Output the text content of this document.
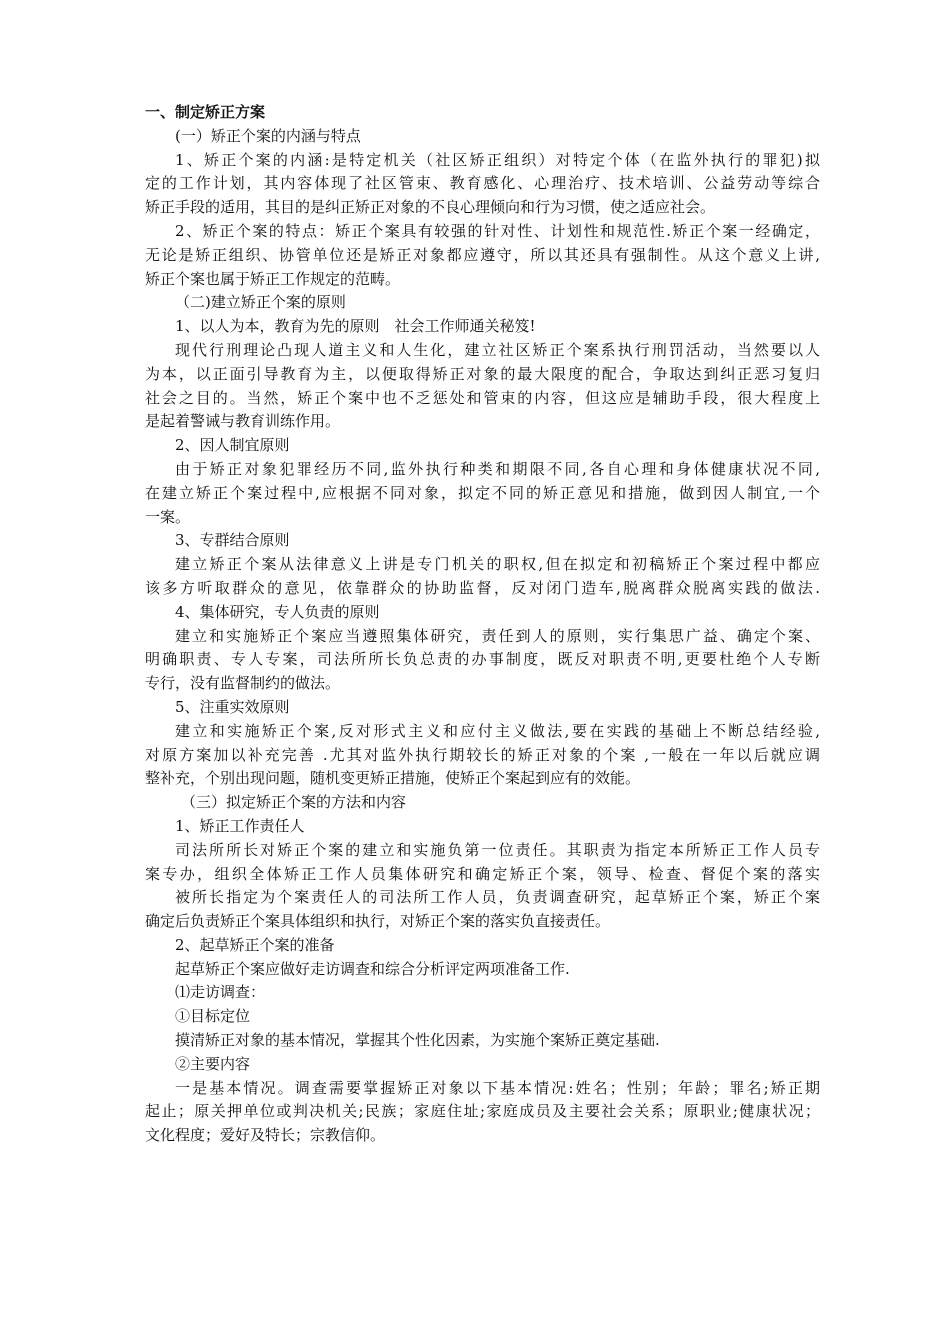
一、制定矫正方案
(一）矫正个案的内涵与特点
1、矫正个案的内涵:是特定机关（社区矫正组织）对特定个体（在监外执行的罪犯)拟
定的工作计划，其内容体现了社区管束、教育感化、心理治疗、技术培训、公益劳动等综合
矫正手段的适用，其目的是纠正矫正对象的不良心理倾向和行为习惯，使之适应社会。
2、矫正个案的特点：矫正个案具有较强的针对性、计划性和规范性.矫正个案一经确定，
无论是矫正组织、协管单位还是矫正对象都应遵守，所以其还具有强制性。从这个意义上讲,
矫正个案也属于矫正工作规定的范畴。
（二)建立矫正个案的原则
1、以人为本，教育为先的原则　社会工作师通关秘笈!
现代行刑理论凸现人道主义和人生化，建立社区矫正个案系执行刑罚活动，当然要以人
为本，以正面引导教育为主，以便取得矫正对象的最大限度的配合，争取达到纠正恶习复归
社会之目的。当然，矫正个案中也不乏惩处和管束的内容，但这应是辅助手段，很大程度上
是起着警诫与教育训练作用。
2、因人制宜原则
由于矫正对象犯罪经历不同,监外执行种类和期限不同,各自心理和身体健康状况不同,
在建立矫正个案过程中,应根据不同对象，拟定不同的矫正意见和措施，做到因人制宜,一个
一案。
3、专群结合原则
建立矫正个案从法律意义上讲是专门机关的职权,但在拟定和初稿矫正个案过程中都应
该多方听取群众的意见，依靠群众的协助监督，反对闭门造车,脱离群众脱离实践的做法.
4、集体研究，专人负责的原则
建立和实施矫正个案应当遵照集体研究，责任到人的原则，实行集思广益、确定个案、
明确职责、专人专案，司法所所长负总责的办事制度，既反对职责不明,更要杜绝个人专断
专行，没有监督制约的做法。
5、注重实效原则
建立和实施矫正个案,反对形式主义和应付主义做法,要在实践的基础上不断总结经验,
对原方案加以补充完善 .尤其对监外执行期较长的矫正对象的个案 ,一般在一年以后就应调
整补充，个别出现问题，随机变更矫正措施，使矫正个案起到应有的效能。
（三）拟定矫正个案的方法和内容
1、矫正工作责任人
司法所所长对矫正个案的建立和实施负第一位责任。其职责为指定本所矫正工作人员专
案专办，组织全体矫正工作人员集体研究和确定矫正个案，领导、检查、督促个案的落实
被所长指定为个案责任人的司法所工作人员，负责调查研究，起草矫正个案，矫正个案
确定后负责矫正个案具体组织和执行，对矫正个案的落实负直接责任。
2、起草矫正个案的准备
起草矫正个案应做好走访调查和综合分析评定两项准备工作.
⑴走访调查：
①目标定位
摸清矫正对象的基本情况，掌握其个性化因素，为实施个案矫正奠定基础.
②主要内容
一是基本情况。调查需要掌握矫正对象以下基本情况:姓名；性别；年龄；罪名;矫正期
起止；原关押单位或判决机关;民族；家庭住址;家庭成员及主要社会关系；原职业;健康状况；
文化程度；爱好及特长；宗教信仰。
